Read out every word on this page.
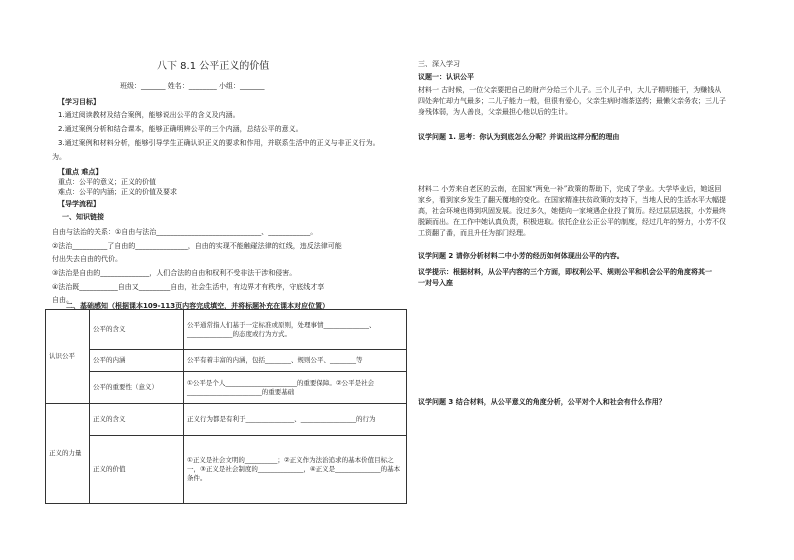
八下 8.1 公平正义的价值
班级：_______ 姓名：________ 小组：_______
【学习目标】
1.通过阅读教材及结合案例，能够说出公平的含义及内涵。
2.通过案例分析和结合课本，能够正确明辨公平的三个内涵，总结公平的意义。
3.通过案例和材料分析，能够引导学生正确认识正义的要求和作用，并联系生活中的正义与非正义行为。
为。
【重点 难点】
重点：公平的意义；正义的价值
难点：公平的内涵；正义的价值及要求
【导学流程】
一、知识链接
自由与法治的关系：①自由与法治______________________________、____________。
②法治__________了自由的_______________，自由的实现不能触碰法律的红线，违反法律可能
付出失去自由的代价。
③法治是自由的______________，人们合法的自由和权利不受非法干涉和侵害。
④法治既___________自由又_________自由，社会生活中，有边界才有秩序，守底线才享
自由。
二、基础感知（根据课本109-113页内容完成填空，并将标题补充在课本对应位置）
认识公平	公平的含义	公平通常指人们基于一定标准或原则，处理事情______________、______________的态度或行为方式。
	公平的内涵	公平有着丰富的内涵，包括________、规则公平、________等
	公平的重要性（意义）	①公平是个人______________________的重要保障。②公平是社会_______________________的重要基础
正义的力量	正义的含义	正义行为都是有利于_______________、_________________的行为
	正义的价值	①正义是社会文明的__________；②正义作为法治追求的基本价值目标之一，③正义是社会制度的______________，④正义是______________的基本条件。
三、深入学习
议题一：认识公平
材料一 古时候，一位父亲要把自己的财产分给三个儿子。三个儿子中，大儿子精明能干，为赚钱从四处奔忙却力气最多；二儿子能力一般，但很有爱心，父亲生病时端茶送药；最懒父亲务农；三儿子身残体弱，为人善良，父亲最担心他以后的生计。
议学问题 1. 思考：你认为到底怎么分呢？并说出这样分配的理由
材料二 小芳来自老区的云南，在国家“两免一补”政策的帮助下，完成了学业。大学毕业后，她返回家乡，看到家乡发生了翻天覆地的变化。在国家精准扶贫政策的支持下，当地人民的生活水平大幅提高，社会环境也得到巩固发展。没过多久，她便向一家境遇企业投了简历。经过层层选拔，小芳最终脱颖而出。在工作中她认真负责，积极进取。依托企业公正公平的制度，经过几年的努力，小芳不仅工资翻了番，而且升任为部门经理。
议学问题 2 请你分析材料二中小芳的经历如何体现出公平的内容。
议学提示：根据材料，从公平内容的三个方面，即权利公平、规则公平和机会公平的角度将其一一对号入座
议学问题 3 结合材料，从公平意义的角度分析，公平对个人和社会有什么作用？
